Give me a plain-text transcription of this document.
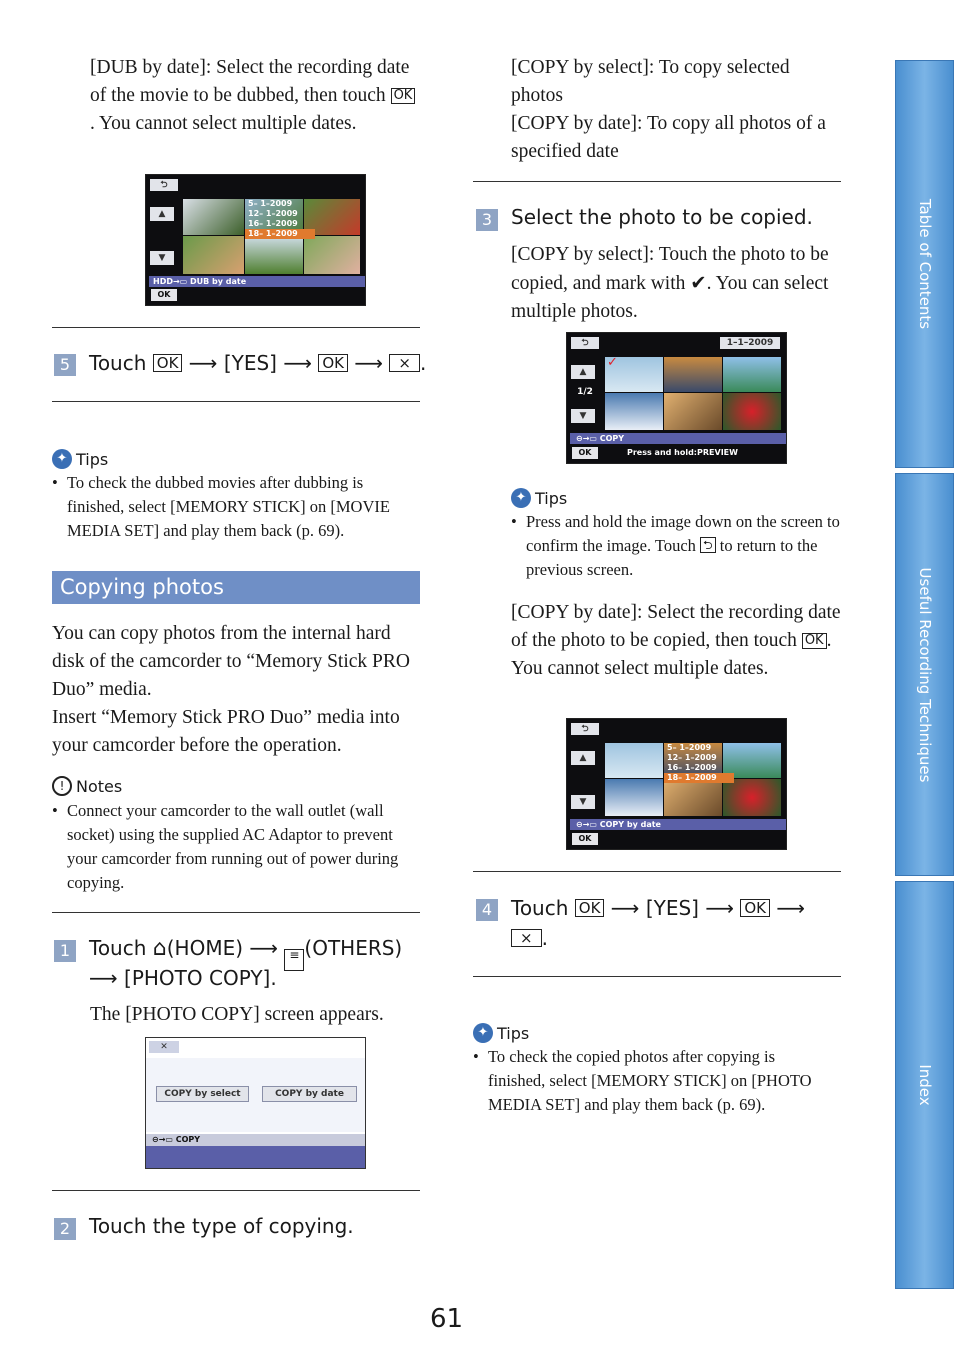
[DUB by date]: Select the recording date of the movie to be dubbed, then touch OK. You cannot select multiple dates.
⮌
▲
▼
5– 1–2009
12– 1–2009
16– 1–2009
18– 1–2009
HDD→▭ DUB by date
OK
5 Touch OK ⟶ [YES] ⟶ OK ⟶ × .
✦ Tips
• To check the dubbed movies after dubbing is finished, select [MEMORY STICK] on [MOVIE MEDIA SET] and play them back (p. 69).
Copying photos
You can copy photos from the internal hard disk of the camcorder to “Memory Stick PRO Duo” media.
Insert “Memory Stick PRO Duo” media into your camcorder before the operation.
! Notes
• Connect your camcorder to the wall outlet (wall socket) using the supplied AC Adaptor to prevent your camcorder from running out of power during copying.
1 Touch ⌂(HOME) ⟶ ≡ (OTHERS)
⟶ [PHOTO COPY].
The [PHOTO COPY] screen appears.
✕
COPY by select	COPY by date
⊖→▭ COPY
2 Touch the type of copying.
[COPY by select]: To copy selected photos
[COPY by date]: To copy all photos of a specified date
3 Select the photo to be copied.
[COPY by select]: Touch the photo to be copied, and mark with ✔. You can select multiple photos.
⮌	1–1–2009
▲
1/2
▼
✓
⊖→▭ COPY
OK	Press and hold:PREVIEW
✦ Tips
• Press and hold the image down on the screen to confirm the image. Touch ⮌ to return to the previous screen.
[COPY by date]: Select the recording date of the photo to be copied, then touch OK . You cannot select multiple dates.
⮌
▲
▼
5– 1–2009
12– 1–2009
16– 1–2009
18– 1–2009
⊖→▭ COPY by date
OK
4 Touch OK ⟶ [YES] ⟶ OK ⟶
× .
✦ Tips
• To check the copied photos after copying is finished, select [MEMORY STICK] on [PHOTO MEDIA SET] and play them back (p. 69).
Table of Contents
Useful Recording Techniques
Index
61
